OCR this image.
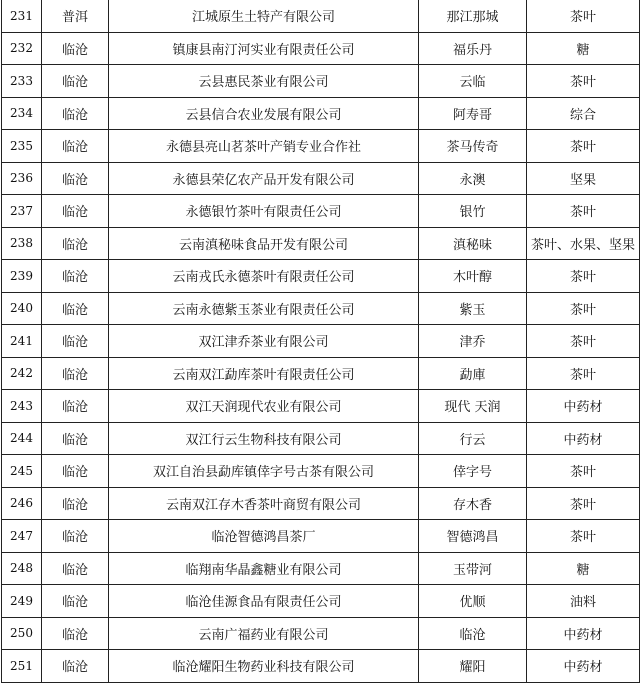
231	普洱	江城原生土特产有限公司	那江那城	茶叶
232	临沧	镇康县南汀河实业有限责任公司	福乐丹	糖
233	临沧	云县惠民茶业有限公司	云临	茶叶
234	临沧	云县信合农业发展有限公司	阿寿哥	综合
235	临沧	永德县亮山茗茶叶产销专业合作社	茶马传奇	茶叶
236	临沧	永德县荣亿农产品开发有限公司	永澳	坚果
237	临沧	永德银竹茶叶有限责任公司	银竹	茶叶
238	临沧	云南滇秘味食品开发有限公司	滇秘味	茶叶、水果、坚果
239	临沧	云南戎氏永德茶叶有限责任公司	木叶醇	茶叶
240	临沧	云南永德紫玉茶业有限责任公司	紫玉	茶叶
241	临沧	双江津乔茶业有限公司	津乔	茶叶
242	临沧	云南双江勐库茶叶有限责任公司	勐庫	茶叶
243	临沧	双江天润现代农业有限公司	现代 天润	中药材
244	临沧	双江行云生物科技有限公司	行云	中药材
245	临沧	双江自治县勐库镇倖字号古茶有限公司	倖字号	茶叶
246	临沧	云南双江存木香茶叶商贸有限公司	存木香	茶叶
247	临沧	临沧智德鸿昌茶厂	智德鸿昌	茶叶
248	临沧	临翔南华晶鑫糖业有限公司	玉带河	糖
249	临沧	临沧佳源食品有限责任公司	优顺	油料
250	临沧	云南广福药业有限公司	临沧	中药材
251	临沧	临沧耀阳生物药业科技有限公司	耀阳	中药材
